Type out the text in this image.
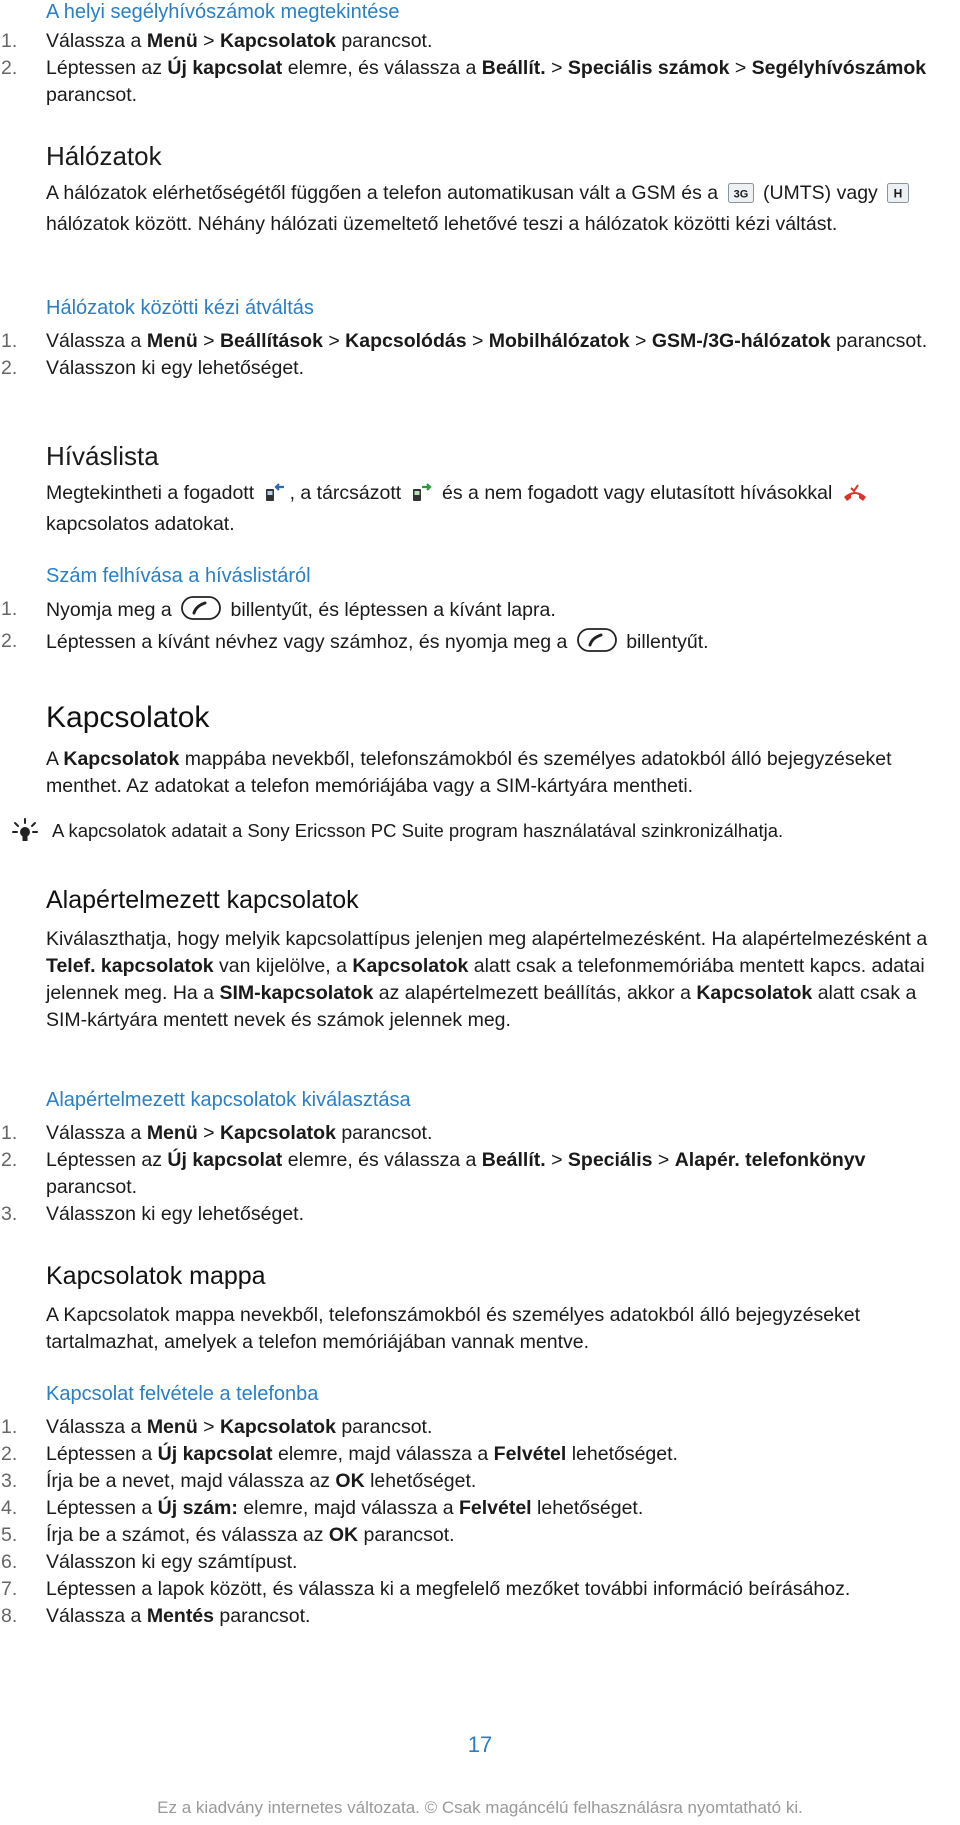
A helyi segélyhívószámok megtekintése
1.	Válassza a Menü > Kapcsolatok parancsot.
2.	Léptessen az Új kapcsolat elemre, és válassza a Beállít. > Speciális számok > Segélyhívószámok parancsot.
Hálózatok

A hálózatok elérhetőségétől függően a telefon automatikusan vált a GSM és a 3G (UMTS) vagy H
hálózatok között. Néhány hálózati üzemeltető lehetővé teszi a hálózatok közötti kézi váltást.

Hálózatok közötti kézi átváltás
1.	Válassza a Menü > Beállítások > Kapcsolódás > Mobilhálózatok > GSM-/3G-hálózatok parancsot.
2.	Válasszon ki egy lehetőséget.
Híváslista

Megtekintheti a fogadott , a tárcsázott  és a nem fogadott vagy elutasított hívásokkal  kapcsolatos adatokat.

Szám felhívása a híváslistáról
1.	Nyomja meg a  billentyűt, és léptessen a kívánt lapra.
2.	Léptessen a kívánt névhez vagy számhoz, és nyomja meg a  billentyűt.
Kapcsolatok

A Kapcsolatok mappába nevekből, telefonszámokból és személyes adatokból álló bejegyzéseket menthet. Az adatokat a telefon memóriájába vagy a SIM-kártyára mentheti.

A kapcsolatok adatait a Sony Ericsson PC Suite program használatával szinkronizálhatja.

Alapértelmezett kapcsolatok

Kiválaszthatja, hogy melyik kapcsolattípus jelenjen meg alapértelmezésként. Ha alapértelmezésként a Telef. kapcsolatok van kijelölve, a Kapcsolatok alatt csak a telefonmemóriába mentett kapcs. adatai jelennek meg. Ha a SIM-kapcsolatok az alapértelmezett beállítás, akkor a Kapcsolatok alatt csak a SIM-kártyára mentett nevek és számok jelennek meg.

Alapértelmezett kapcsolatok kiválasztása
1.	Válassza a Menü > Kapcsolatok parancsot.
2.	Léptessen az Új kapcsolat elemre, és válassza a Beállít. > Speciális > Alapér. telefonkönyv parancsot.
3.	Válasszon ki egy lehetőséget.
Kapcsolatok mappa

A Kapcsolatok mappa nevekből, telefonszámokból és személyes adatokból álló bejegyzéseket tartalmazhat, amelyek a telefon memóriájában vannak mentve.

Kapcsolat felvétele a telefonba
1.	Válassza a Menü > Kapcsolatok parancsot.
2.	Léptessen a Új kapcsolat elemre, majd válassza a Felvétel lehetőséget.
3.	Írja be a nevet, majd válassza az OK lehetőséget.
4.	Léptessen a Új szám: elemre, majd válassza a Felvétel lehetőséget.
5.	Írja be a számot, és válassza az OK parancsot.
6.	Válasszon ki egy számtípust.
7.	Léptessen a lapok között, és válassza ki a megfelelő mezőket további információ beírásához.
8.	Válassza a Mentés parancsot.
17
Ez a kiadvány internetes változata. © Csak magáncélú felhasználásra nyomtatható ki.
